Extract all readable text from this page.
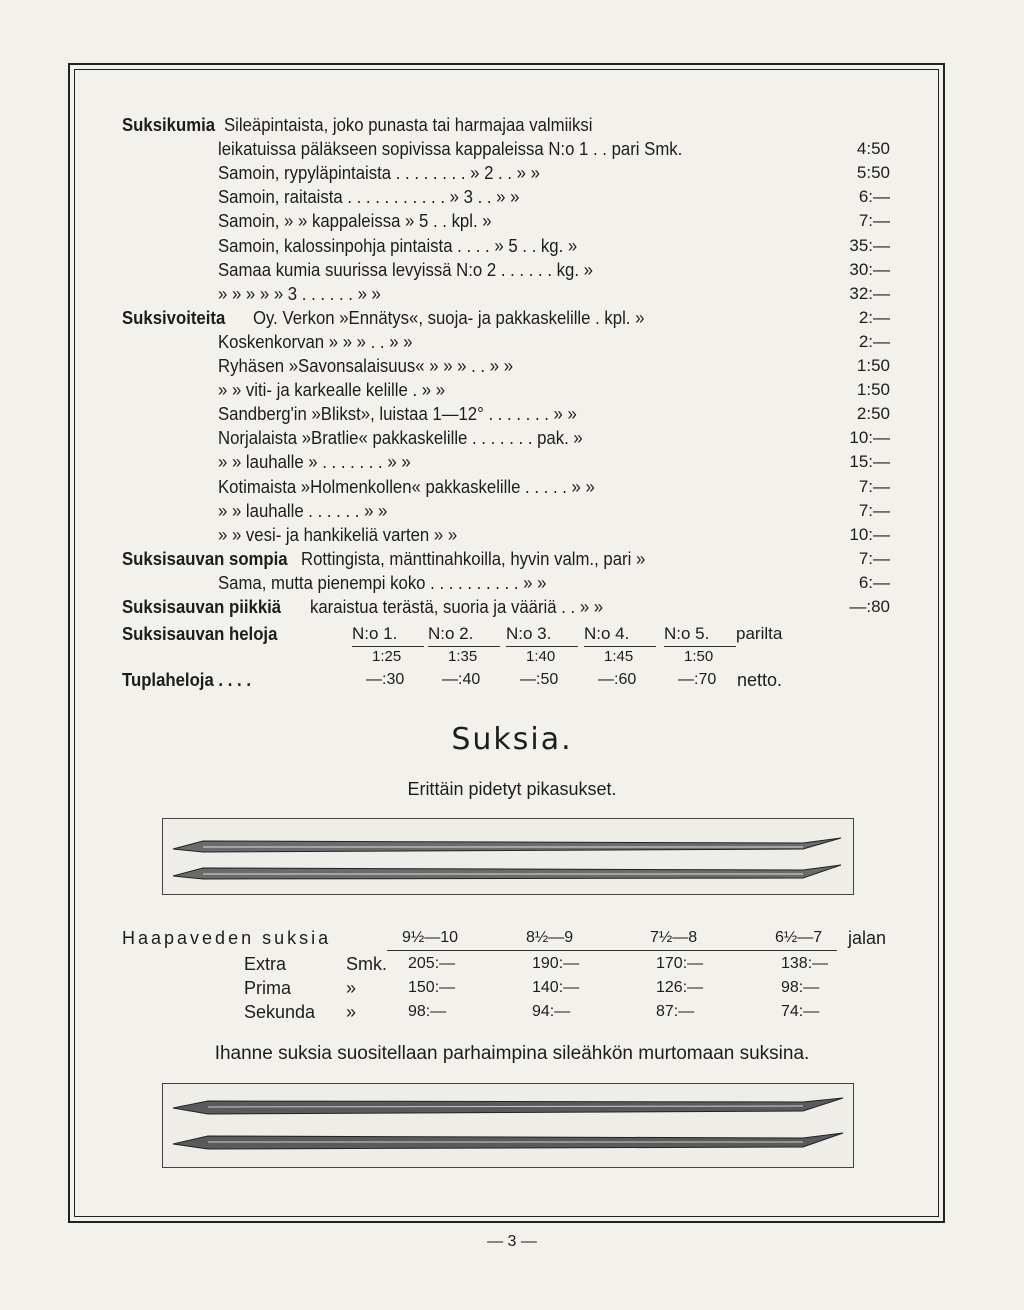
Suksikumia Sileäpintaista, joko punasta tai harmajaa valmiiksi
leikatuissa päläkseen sopivissa kappaleissa N:o 1 . . pari Smk.	4:50
Samoin, rypyläpintaista . . . . . . . . » 2 . . » »	5:50
Samoin, raitaista . . . . . . . . . . . » 3 . . » »	6:—
Samoin, » » kappaleissa » 5 . . kpl. »	7:—
Samoin, kalossinpohja pintaista . . . . » 5 . . kg. »	35:—
Samaa kumia suurissa levyissä N:o 2 . . . . . . kg. »	30:—
» » » » » 3 . . . . . . » »	32:—
Suksivoiteita Oy. Verkon »Ennätys«, suoja- ja pakkaskelille . kpl. »	2:—
Koskenkorvan » » » . . » »	2:—
Ryhäsen »Savonsalaisuus« » » » . . » »	1:50
» » viti- ja karkealle kelille . » »	1:50
Sandberg'in »Blikst», luistaa 1—12° . . . . . . . » »	2:50
Norjalaista »Bratlie« pakkaskelille . . . . . . . pak. »	10:—
» » lauhalle » . . . . . . . » »	15:—
Kotimaista »Holmenkollen« pakkaskelille . . . . . » »	7:—
» » lauhalle . . . . . . » »	7:—
» » vesi- ja hankikeliä varten » »	10:—
Suksisauvan sompia Rottingista, mänttinahkoilla, hyvin valm., pari »	7:—
Sama, mutta pienempi koko . . . . . . . . . . » »	6:—
Suksisauvan piikkiä karaistua terästä, suoria ja vääriä . . » »	—:80
Suksisauvan heloja	N:o 1.	N:o 2.	N:o 3.	N:o 4.	N:o 5.	parilta
1:25	1:35	1:40	1:45	1:50
Tuplaheloja . . . .	—:30 —:40 —:50 —:60	—:70 netto.
Suksia.
Erittäin pidetyt pikasukset.
Haapaveden suksia	9½—10	8½—9	7½—8	6½—7 jalan
Extra	Smk. 205:—	190:—	170:—	138:—
Prima	»	150:—	140:—	126:—	98:—
Sekunda »	98:—	94:—	87:—	74:—
Ihanne suksia suositellaan parhaimpina sileähkön murtomaan suksina.
— 3 —
